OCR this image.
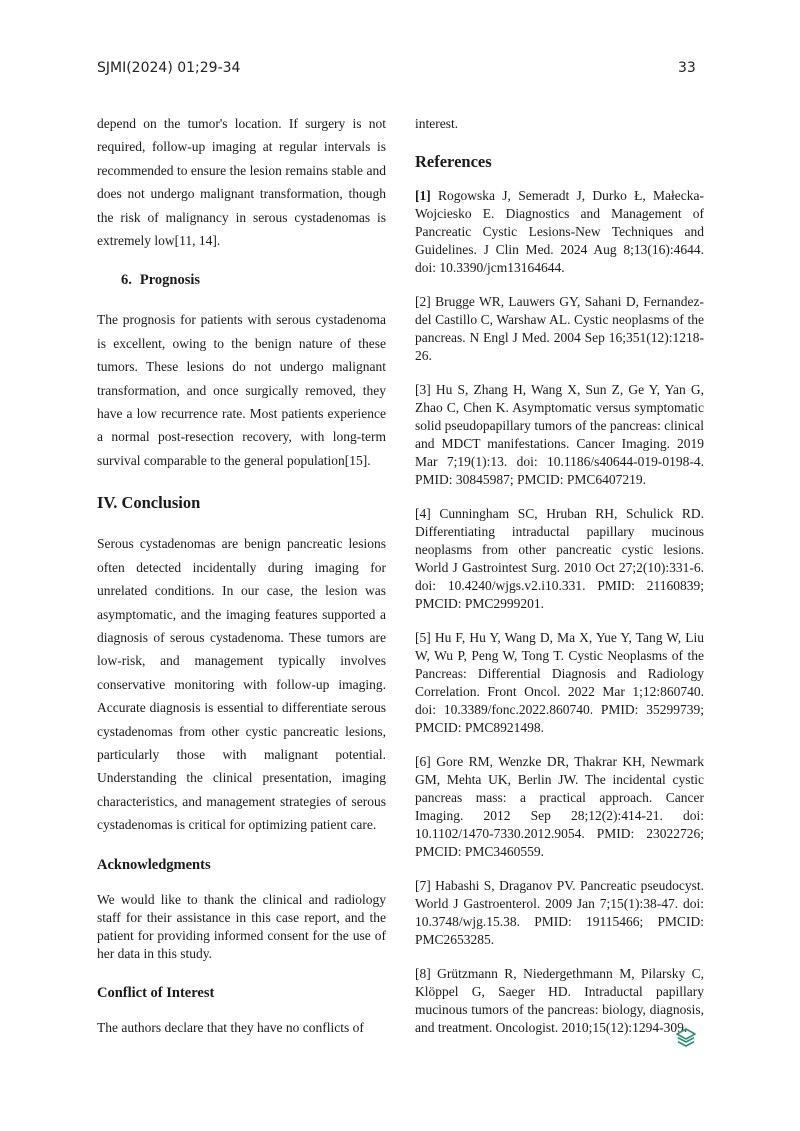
SJMI(2024) 01;29-34	33

depend on the tumor's location. If surgery is not required, follow-up imaging at regular intervals is recommended to ensure the lesion remains stable and does not undergo malignant transformation, though the risk of malignancy in serous cystadenomas is extremely low[11, 14].

6. Prognosis

The prognosis for patients with serous cystadenoma is excellent, owing to the benign nature of these tumors. These lesions do not undergo malignant transformation, and once surgically removed, they have a low recurrence rate. Most patients experience a normal post-resection recovery, with long-term survival comparable to the general population[15].

IV. Conclusion

Serous cystadenomas are benign pancreatic lesions often detected incidentally during imaging for unrelated conditions. In our case, the lesion was asymptomatic, and the imaging features supported a diagnosis of serous cystadenoma. These tumors are low-risk, and management typically involves conservative monitoring with follow-up imaging. Accurate diagnosis is essential to differentiate serous cystadenomas from other cystic pancreatic lesions, particularly those with malignant potential. Understanding the clinical presentation, imaging characteristics, and management strategies of serous cystadenomas is critical for optimizing patient care.

Acknowledgments

We would like to thank the clinical and radiology staff for their assistance in this case report, and the patient for providing informed consent for the use of her data in this study.

Conflict of Interest

The authors declare that they have no conflicts of

interest.

References

[1] Rogowska J, Semeradt J, Durko Ł, Małecka-Wojciesko E. Diagnostics and Management of Pancreatic Cystic Lesions-New Techniques and Guidelines. J Clin Med. 2024 Aug 8;13(16):4644. doi: 10.3390/jcm13164644.

[2] Brugge WR, Lauwers GY, Sahani D, Fernandez-del Castillo C, Warshaw AL. Cystic neoplasms of the pancreas. N Engl J Med. 2004 Sep 16;351(12):1218-26.

[3] Hu S, Zhang H, Wang X, Sun Z, Ge Y, Yan G, Zhao C, Chen K. Asymptomatic versus symptomatic solid pseudopapillary tumors of the pancreas: clinical and MDCT manifestations. Cancer Imaging. 2019 Mar 7;19(1):13. doi: 10.1186/s40644-019-0198-4. PMID: 30845987; PMCID: PMC6407219.

[4] Cunningham SC, Hruban RH, Schulick RD. Differentiating intraductal papillary mucinous neoplasms from other pancreatic cystic lesions. World J Gastrointest Surg. 2010 Oct 27;2(10):331-6. doi: 10.4240/wjgs.v2.i10.331. PMID: 21160839; PMCID: PMC2999201.

[5] Hu F, Hu Y, Wang D, Ma X, Yue Y, Tang W, Liu W, Wu P, Peng W, Tong T. Cystic Neoplasms of the Pancreas: Differential Diagnosis and Radiology Correlation. Front Oncol. 2022 Mar 1;12:860740. doi: 10.3389/fonc.2022.860740. PMID: 35299739; PMCID: PMC8921498.

[6] Gore RM, Wenzke DR, Thakrar KH, Newmark GM, Mehta UK, Berlin JW. The incidental cystic pancreas mass: a practical approach. Cancer Imaging. 2012 Sep 28;12(2):414-21. doi: 10.1102/1470-7330.2012.9054. PMID: 23022726; PMCID: PMC3460559.

[7] Habashi S, Draganov PV. Pancreatic pseudocyst. World J Gastroenterol. 2009 Jan 7;15(1):38-47. doi: 10.3748/wjg.15.38. PMID: 19115466; PMCID: PMC2653285.

[8] Grützmann R, Niedergethmann M, Pilarsky C, Klöppel G, Saeger HD. Intraductal papillary mucinous tumors of the pancreas: biology, diagnosis, and treatment. Oncologist. 2010;15(12):1294-309.
